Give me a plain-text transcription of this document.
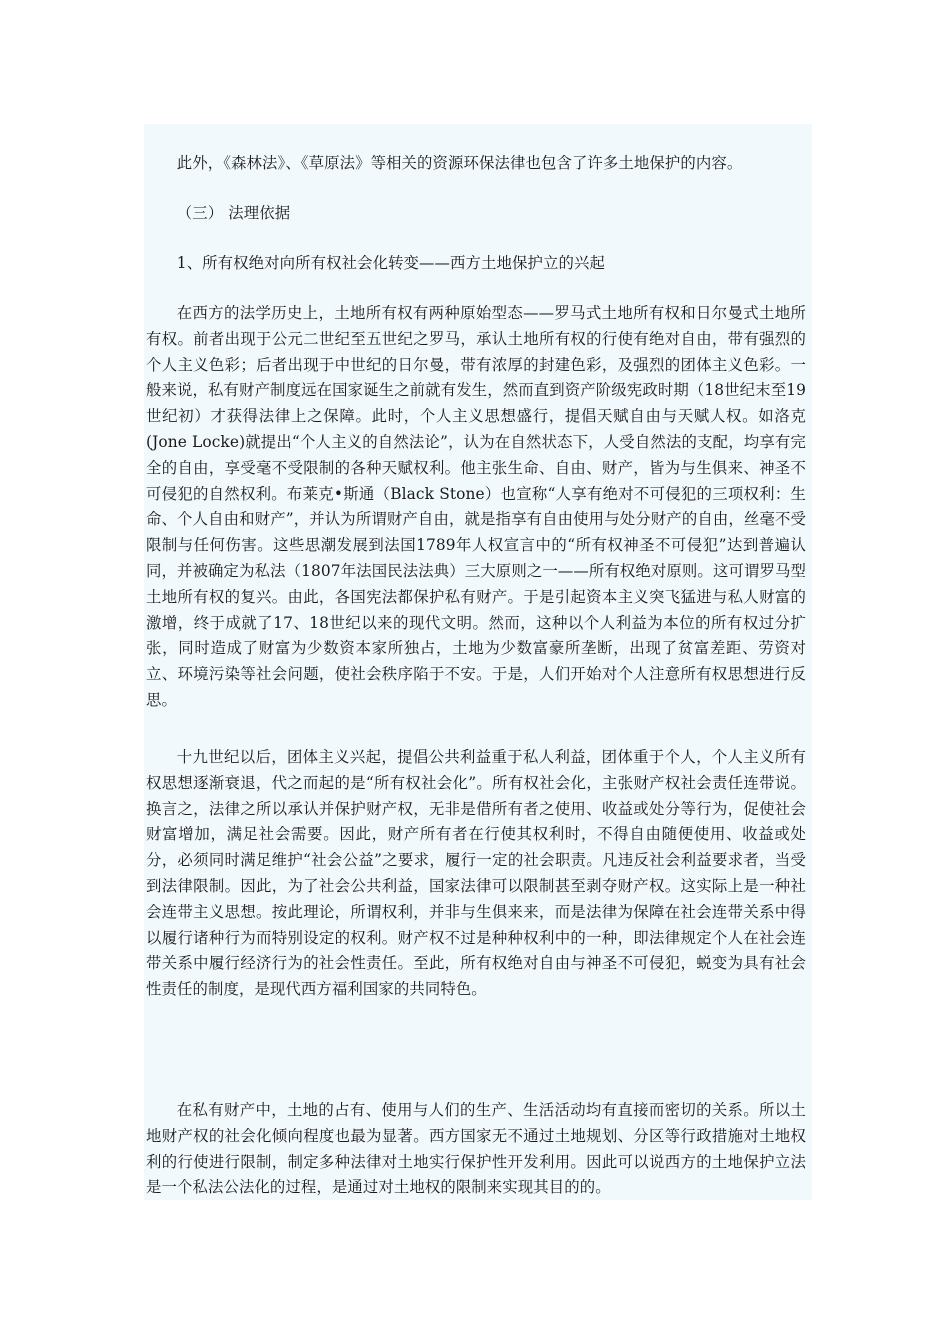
此外，《森林法》、《草原法》等相关的资源环保法律也包含了许多土地保护的内容。

（三） 法理依据

1、所有权绝对向所有权社会化转变——西方土地保护立的兴起

在西方的法学历史上，土地所有权有两种原始型态——罗马式土地所有权和日尔曼式土地所有权。前者出现于公元二世纪至五世纪之罗马，承认土地所有权的行使有绝对自由，带有强烈的个人主义色彩；后者出现于中世纪的日尔曼，带有浓厚的封建色彩，及强烈的团体主义色彩。一般来说，私有财产制度远在国家诞生之前就有发生，然而直到资产阶级宪政时期（18世纪末至19世纪初）才获得法律上之保障。此时，个人主义思想盛行，提倡天赋自由与天赋人权。如洛克(Jone Locke)就提出“个人主义的自然法论”，认为在自然状态下，人受自然法的支配，均享有完全的自由，享受毫不受限制的各种天赋权利。他主张生命、自由、财产，皆为与生俱来、神圣不可侵犯的自然权利。布莱克•斯通（Black Stone）也宣称“人享有绝对不可侵犯的三项权利：生命、个人自由和财产”，并认为所谓财产自由，就是指享有自由使用与处分财产的自由，丝毫不受限制与任何伤害。这些思潮发展到法国1789年人权宣言中的“所有权神圣不可侵犯”达到普遍认同，并被确定为私法（1807年法国民法法典）三大原则之一——所有权绝对原则。这可谓罗马型土地所有权的复兴。由此，各国宪法都保护私有财产。于是引起资本主义突飞猛进与私人财富的激增，终于成就了17、18世纪以来的现代文明。然而，这种以个人利益为本位的所有权过分扩张，同时造成了财富为少数资本家所独占，土地为少数富豪所垄断，出现了贫富差距、劳资对立、环境污染等社会问题，使社会秩序陷于不安。于是，人们开始对个人注意所有权思想进行反思。

十九世纪以后，团体主义兴起，提倡公共利益重于私人利益，团体重于个人，个人主义所有权思想逐渐衰退，代之而起的是“所有权社会化”。所有权社会化，主张财产权社会责任连带说。换言之，法律之所以承认并保护财产权，无非是借所有者之使用、收益或处分等行为，促使社会财富增加，满足社会需要。因此，财产所有者在行使其权利时，不得自由随便使用、收益或处分，必须同时满足维护“社会公益”之要求，履行一定的社会职责。凡违反社会利益要求者，当受到法律限制。因此，为了社会公共利益，国家法律可以限制甚至剥夺财产权。这实际上是一种社会连带主义思想。按此理论，所谓权利，并非与生俱来来，而是法律为保障在社会连带关系中得以履行诸种行为而特别设定的权利。财产权不过是种种权利中的一种，即法律规定个人在社会连带关系中履行经济行为的社会性责任。至此，所有权绝对自由与神圣不可侵犯，蜕变为具有社会性责任的制度，是现代西方福利国家的共同特色。

在私有财产中，土地的占有、使用与人们的生产、生活活动均有直接而密切的关系。所以土地财产权的社会化倾向程度也最为显著。西方国家无不通过土地规划、分区等行政措施对土地权利的行使进行限制，制定多种法律对土地实行保护性开发利用。因此可以说西方的土地保护立法是一个私法公法化的过程，是通过对土地权的限制来实现其目的的。
